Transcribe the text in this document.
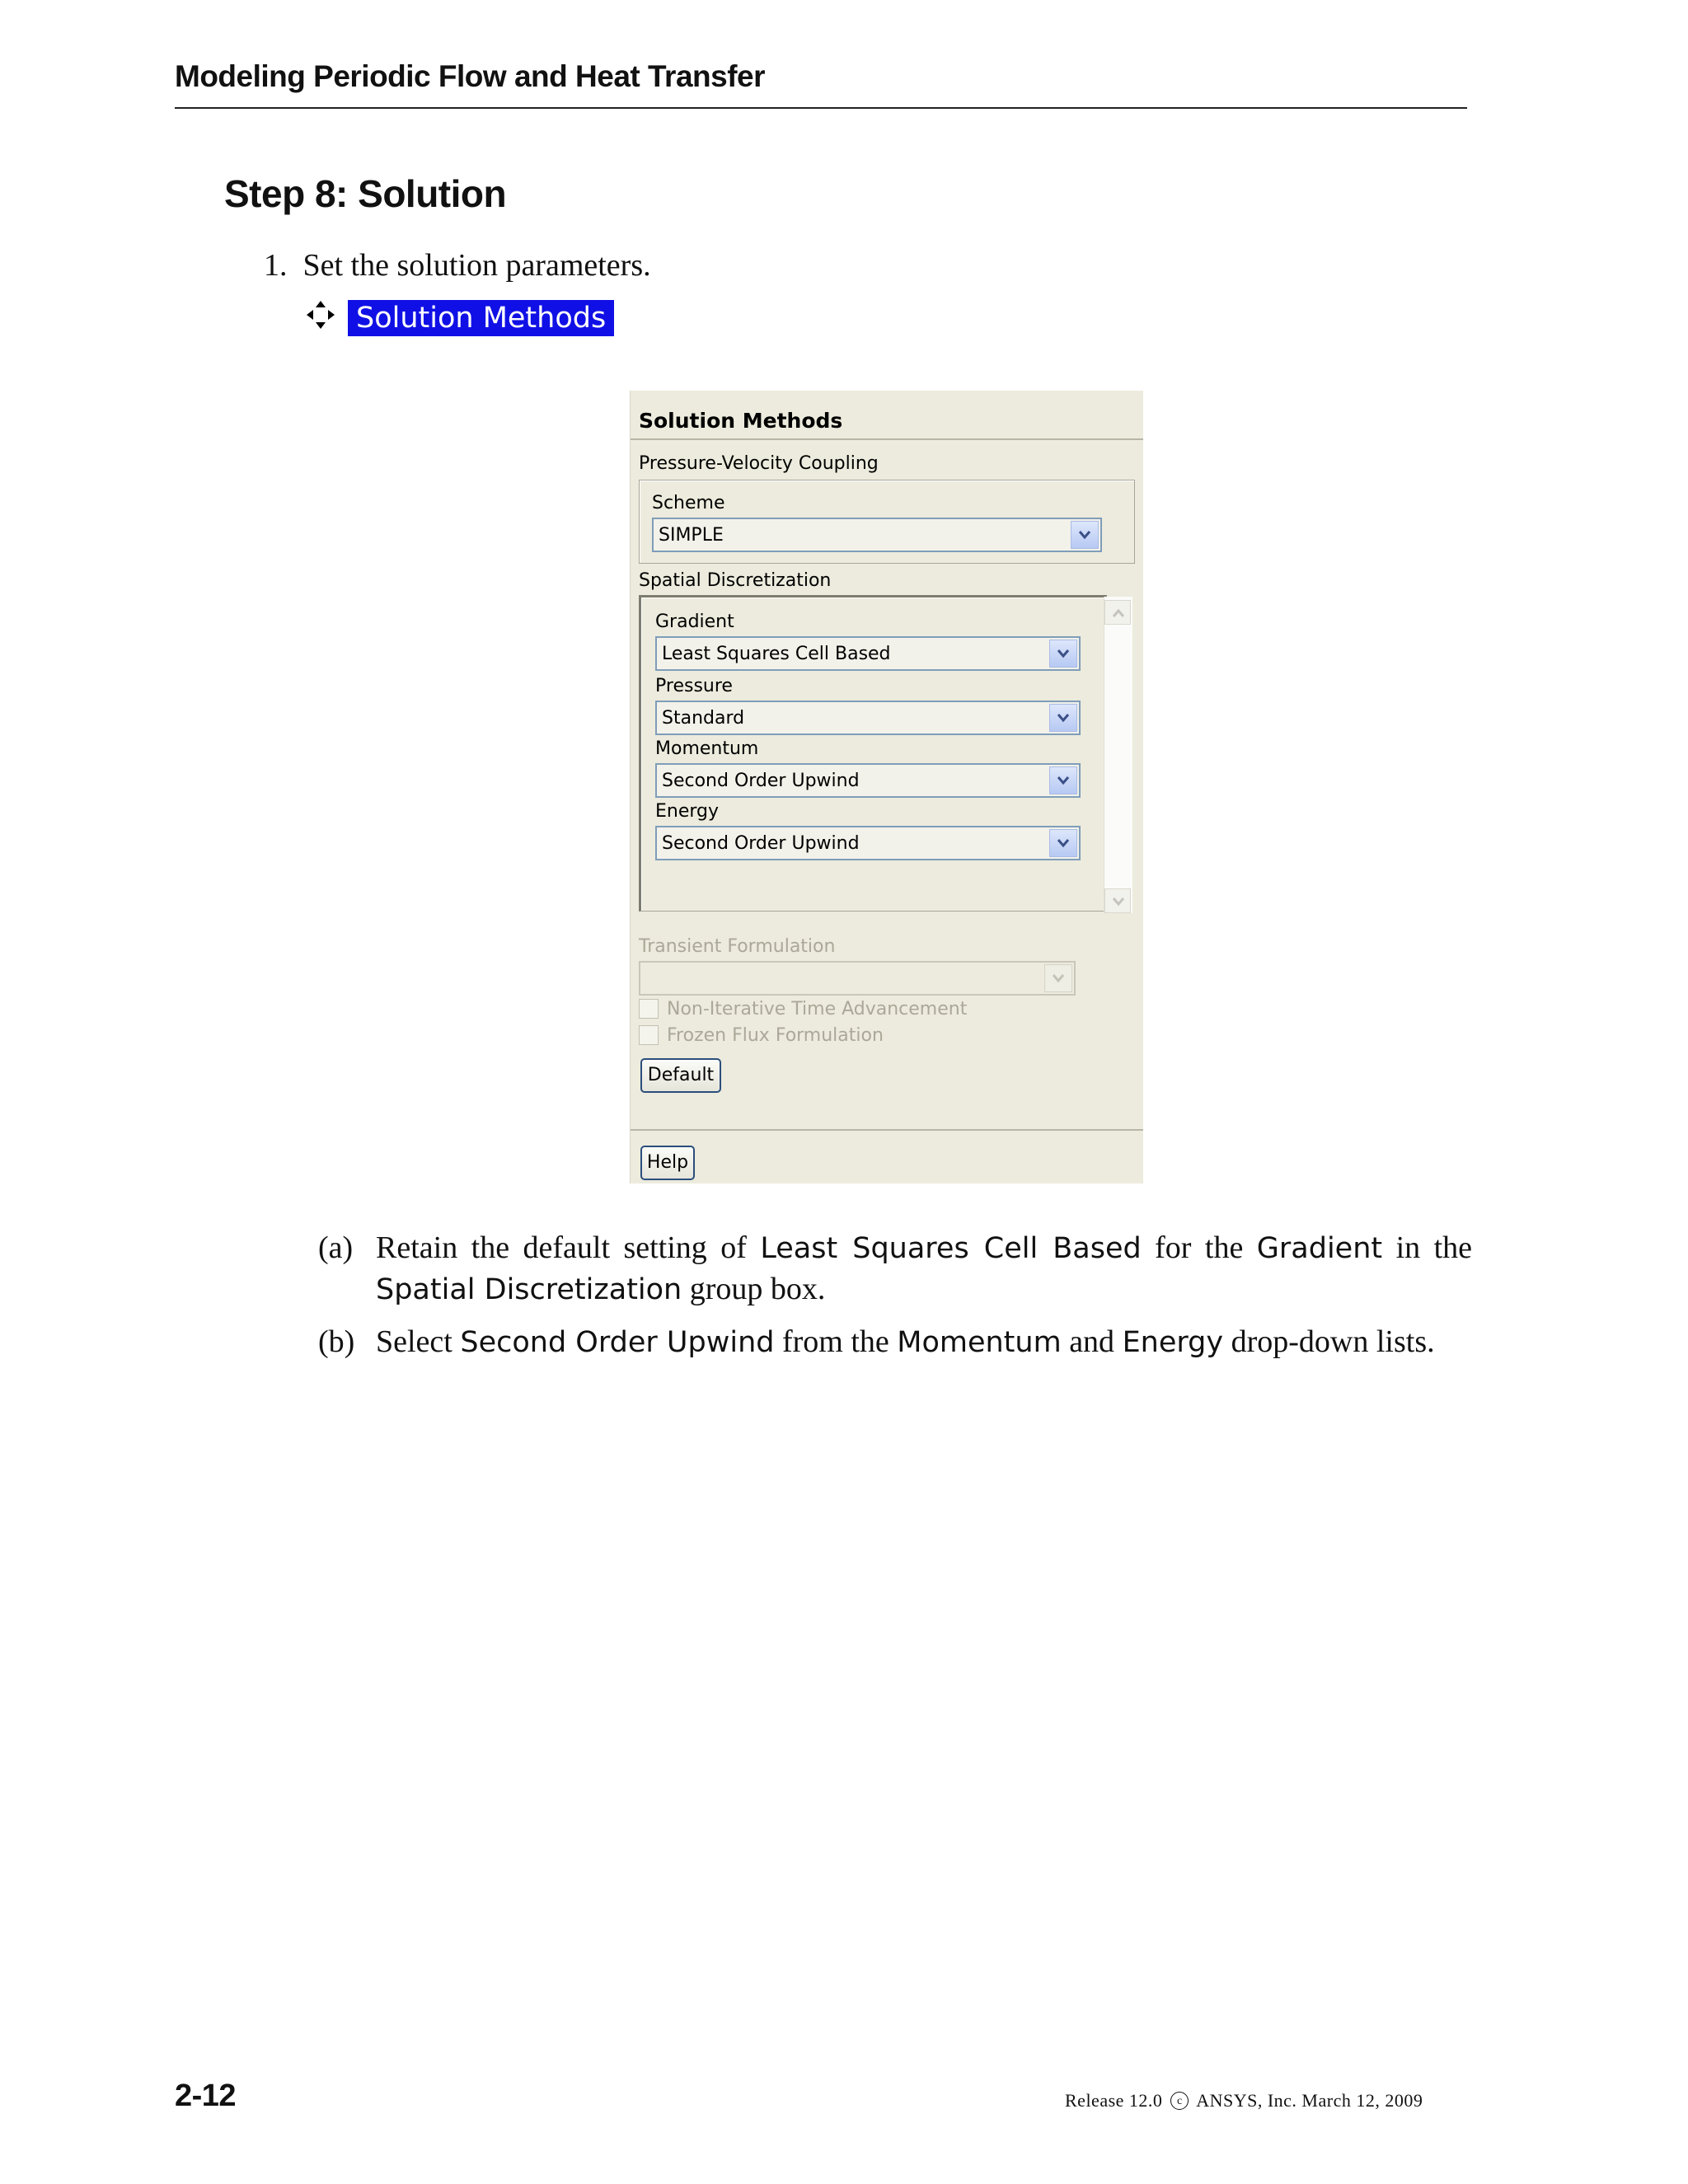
Modeling Periodic Flow and Heat Transfer
Step 8: Solution
1. Set the solution parameters.
Solution Methods
Solution Methods
Pressure-Velocity Coupling
Scheme
SIMPLE
Spatial Discretization
Gradient
Least Squares Cell Based
Pressure
Standard
Momentum
Second Order Upwind
Energy
Second Order Upwind
Transient Formulation
Non-Iterative Time Advancement
Frozen Flux Formulation
Default
Help
(a) Retain the default setting of Least Squares Cell Based for the Gradient in the Spatial Discretization group box.
(b) Select Second Order Upwind from the Momentum and Energy drop-down lists.
2-12	Release 12.0 c ANSYS, Inc. March 12, 2009
